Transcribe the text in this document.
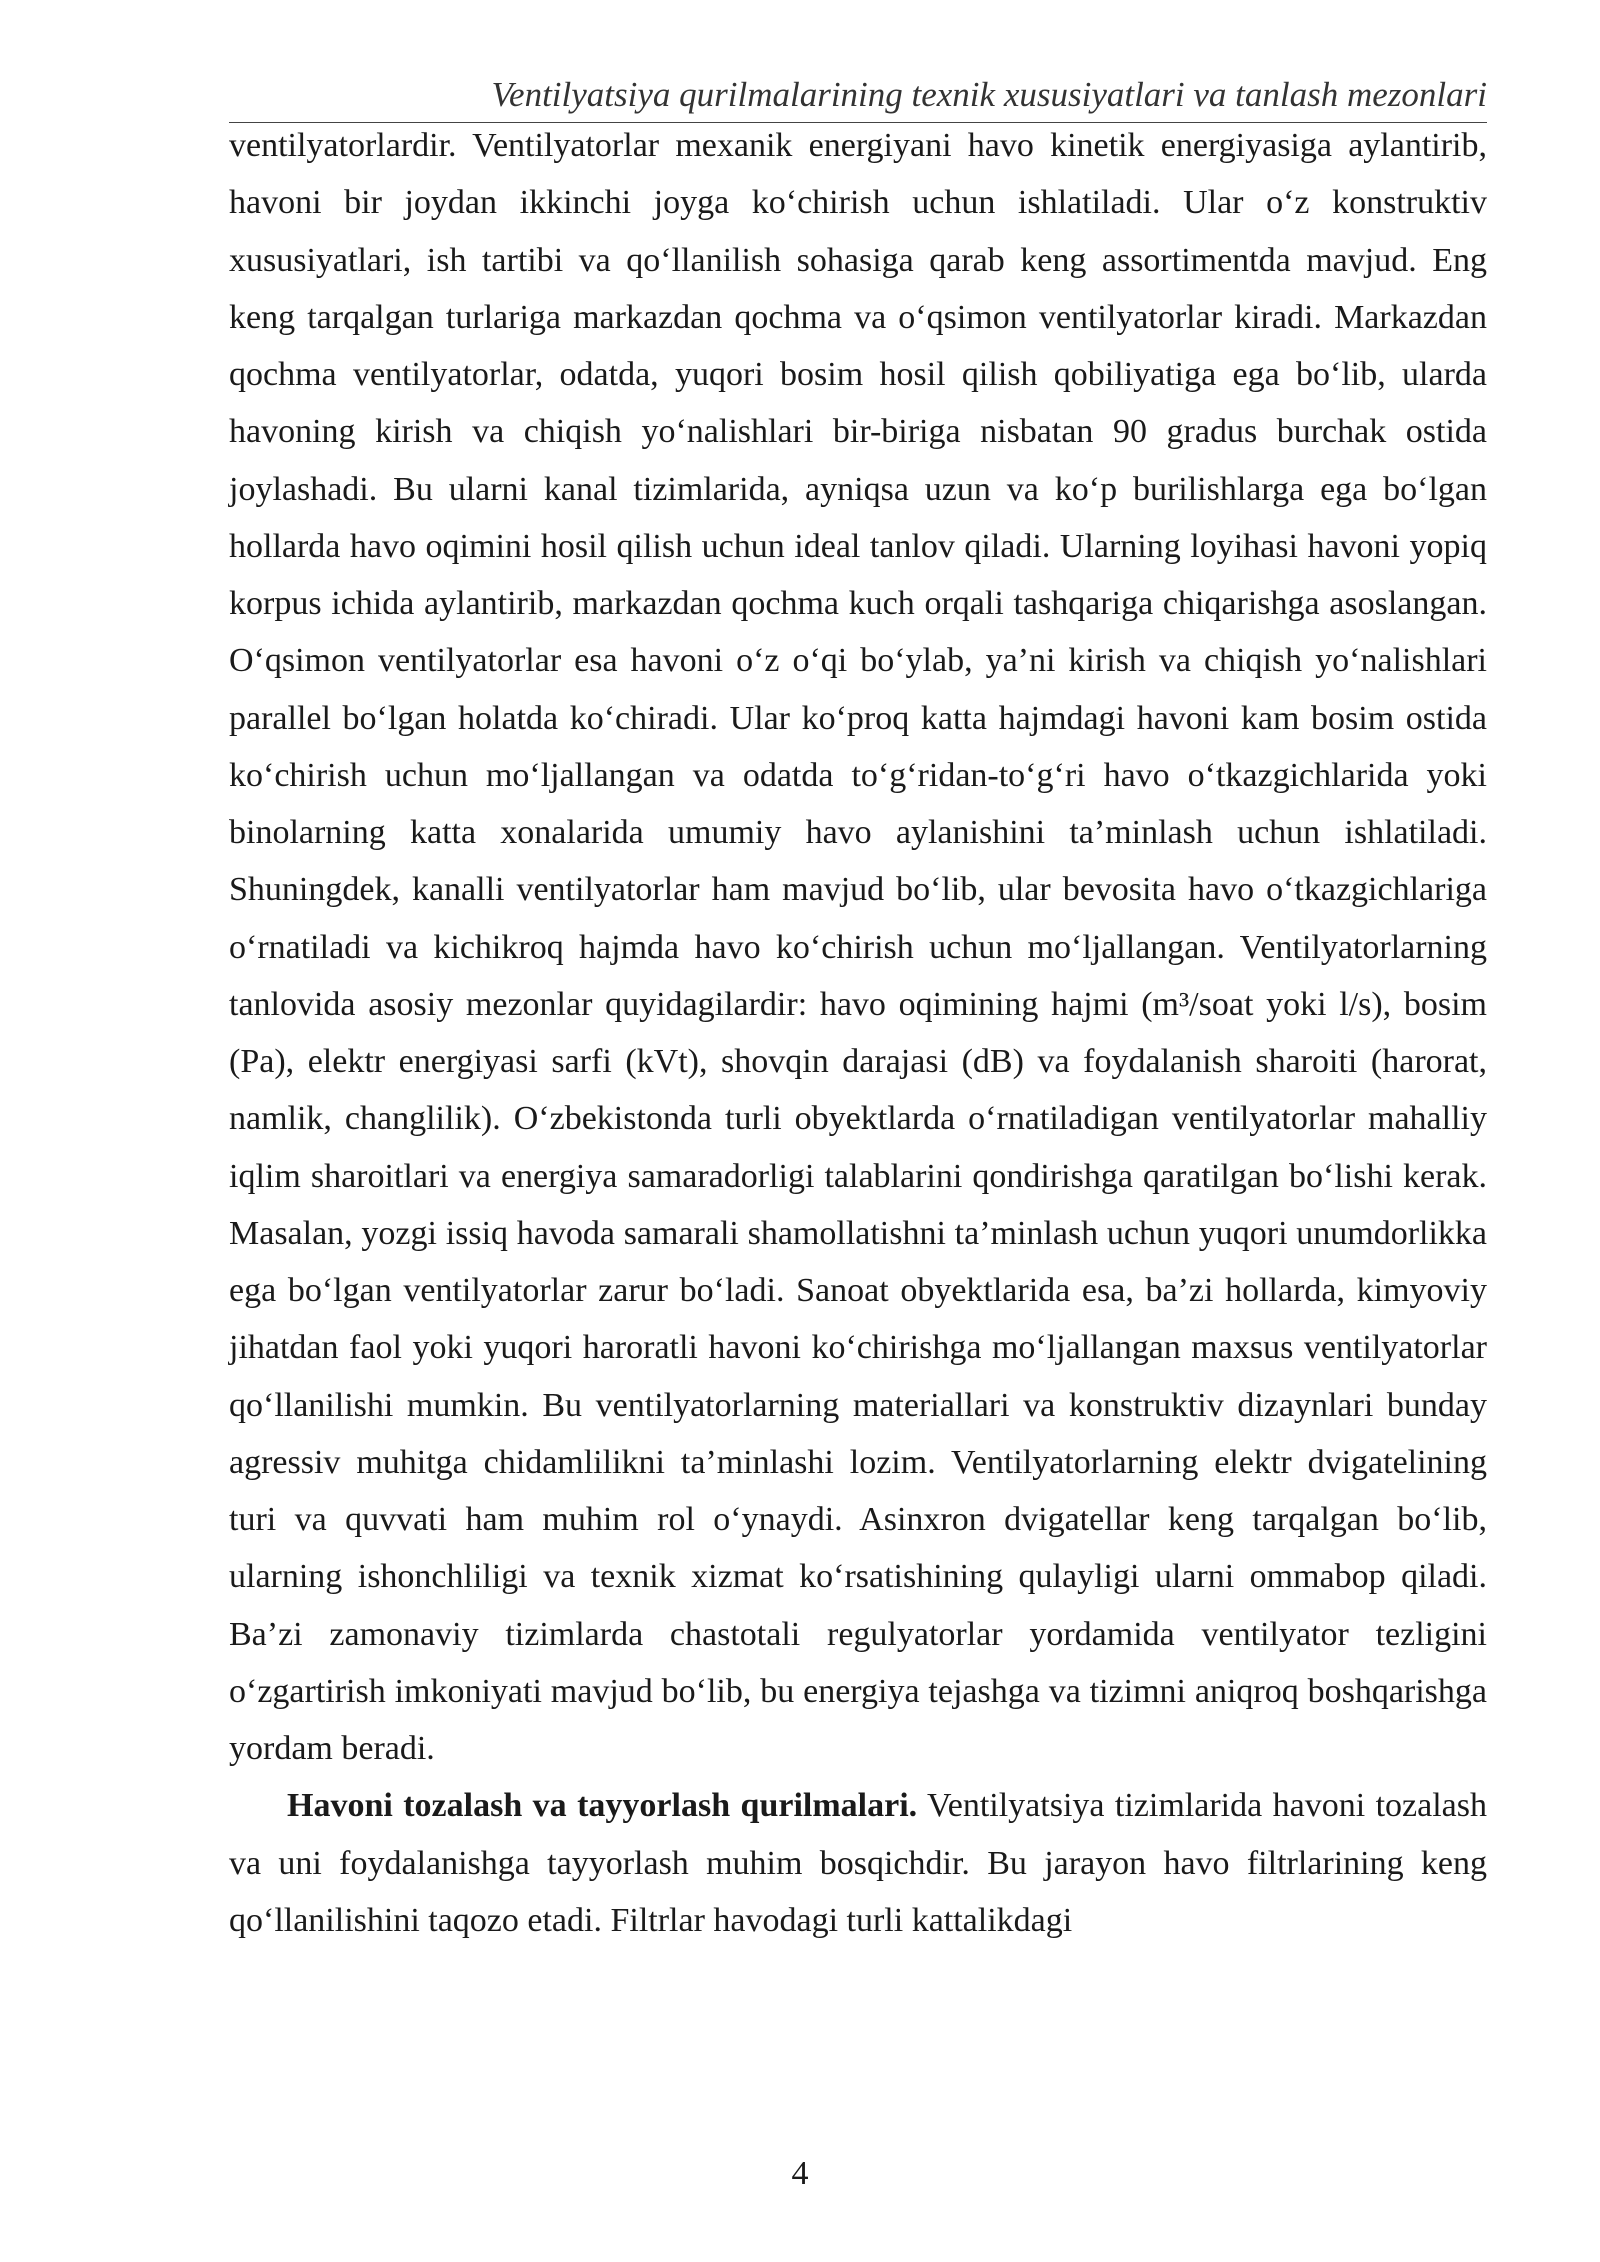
Ventilyatsiya qurilmalarining texnik xususiyatlari va tanlash mezonlari

ventilyatorlardir. Ventilyatorlar mexanik energiyani havo kinetik energiyasiga aylantirib, havoni bir joydan ikkinchi joyga ko‘chirish uchun ishlatiladi. Ular o‘z konstruktiv xususiyatlari, ish tartibi va qo‘llanilish sohasiga qarab keng assortimentda mavjud. Eng keng tarqalgan turlariga markazdan qochma va o‘qsimon ventilyatorlar kiradi. Markazdan qochma ventilyatorlar, odatda, yuqori bosim hosil qilish qobiliyatiga ega bo‘lib, ularda havoning kirish va chiqish yo‘nalishlari bir-biriga nisbatan 90 gradus burchak ostida joylashadi. Bu ularni kanal tizimlarida, ayniqsa uzun va ko‘p burilishlarga ega bo‘lgan hollarda havo oqimini hosil qilish uchun ideal tanlov qiladi. Ularning loyihasi havoni yopiq korpus ichida aylantirib, markazdan qochma kuch orqali tashqariga chiqarishga asoslangan. O‘qsimon ventilyatorlar esa havoni o‘z o‘qi bo‘ylab, ya’ni kirish va chiqish yo‘nalishlari parallel bo‘lgan holatda ko‘chiradi. Ular ko‘proq katta hajmdagi havoni kam bosim ostida ko‘chirish uchun mo‘ljallangan va odatda to‘g‘ridan-to‘g‘ri havo o‘tkazgichlarida yoki binolarning katta xonalarida umumiy havo aylanishini ta’minlash uchun ishlatiladi. Shuningdek, kanalli ventilyatorlar ham mavjud bo‘lib, ular bevosita havo o‘tkazgichlariga o‘rnatiladi va kichikroq hajmda havo ko‘chirish uchun mo‘ljallangan. Ventilyatorlarning tanlovida asosiy mezonlar quyidagilardir: havo oqimining hajmi (m³/soat yoki l/s), bosim (Pa), elektr energiyasi sarfi (kVt), shovqin darajasi (dB) va foydalanish sharoiti (harorat, namlik, changlilik). O‘zbekistonda turli obyektlarda o‘rnatiladigan ventilyatorlar mahalliy iqlim sharoitlari va energiya samaradorligi talablarini qondirishga qaratilgan bo‘lishi kerak. Masalan, yozgi issiq havoda samarali shamollatishni ta’minlash uchun yuqori unumdorlikka ega bo‘lgan ventilyatorlar zarur bo‘ladi. Sanoat obyektlarida esa, ba’zi hollarda, kimyoviy jihatdan faol yoki yuqori haroratli havoni ko‘chirishga mo‘ljallangan maxsus ventilyatorlar qo‘llanilishi mumkin. Bu ventilyatorlarning materiallari va konstruktiv dizaynlari bunday agressiv muhitga chidamlilikni ta’minlashi lozim. Ventilyatorlarning elektr dvigatelining turi va quvvati ham muhim rol o‘ynaydi. Asinxron dvigatellar keng tarqalgan bo‘lib, ularning ishonchliligi va texnik xizmat ko‘rsatishining qulayligi ularni ommabop qiladi. Ba’zi zamonaviy tizimlarda chastotali regulyatorlar yordamida ventilyator tezligini o‘zgartirish imkoniyati mavjud bo‘lib, bu energiya tejashga va tizimni aniqroq boshqarishga yordam beradi.

Havoni tozalash va tayyorlash qurilmalari. Ventilyatsiya tizimlarida havoni tozalash va uni foydalanishga tayyorlash muhim bosqichdir. Bu jarayon havo filtrlarining keng qo‘llanilishini taqozo etadi. Filtrlar havodagi turli kattalikdagi

4
